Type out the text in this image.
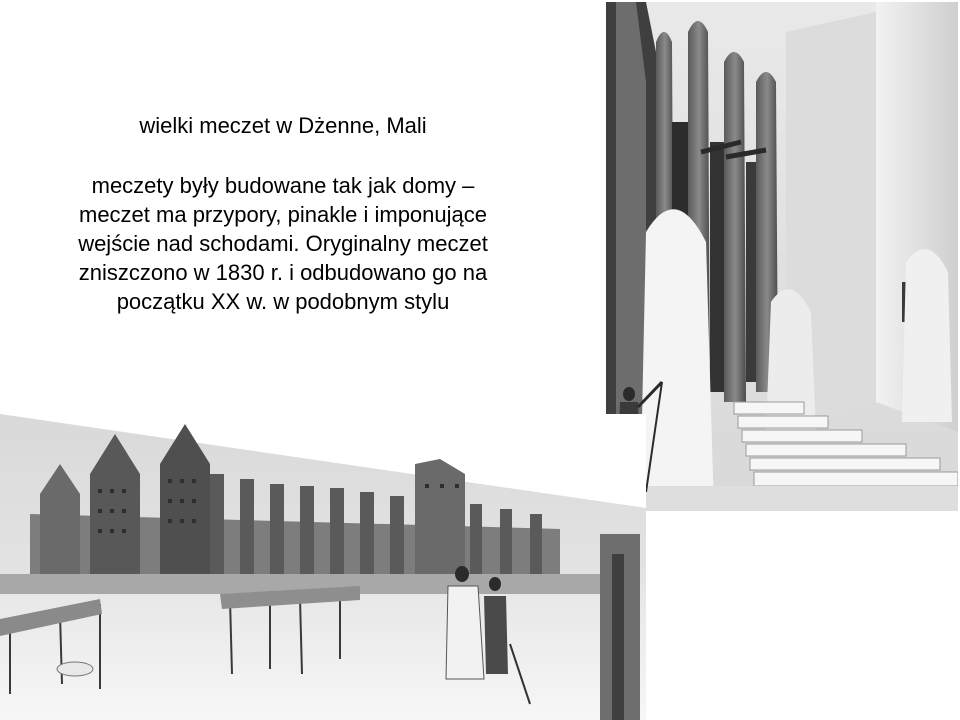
wielki meczet w Dżenne, Mali
meczety były budowane tak jak domy –
meczet ma przypory, pinakle i imponujące
wejście nad schodami. Oryginalny meczet
zniszczono w 1830 r. i odbudowano go na
początku XX w. w podobnym stylu
